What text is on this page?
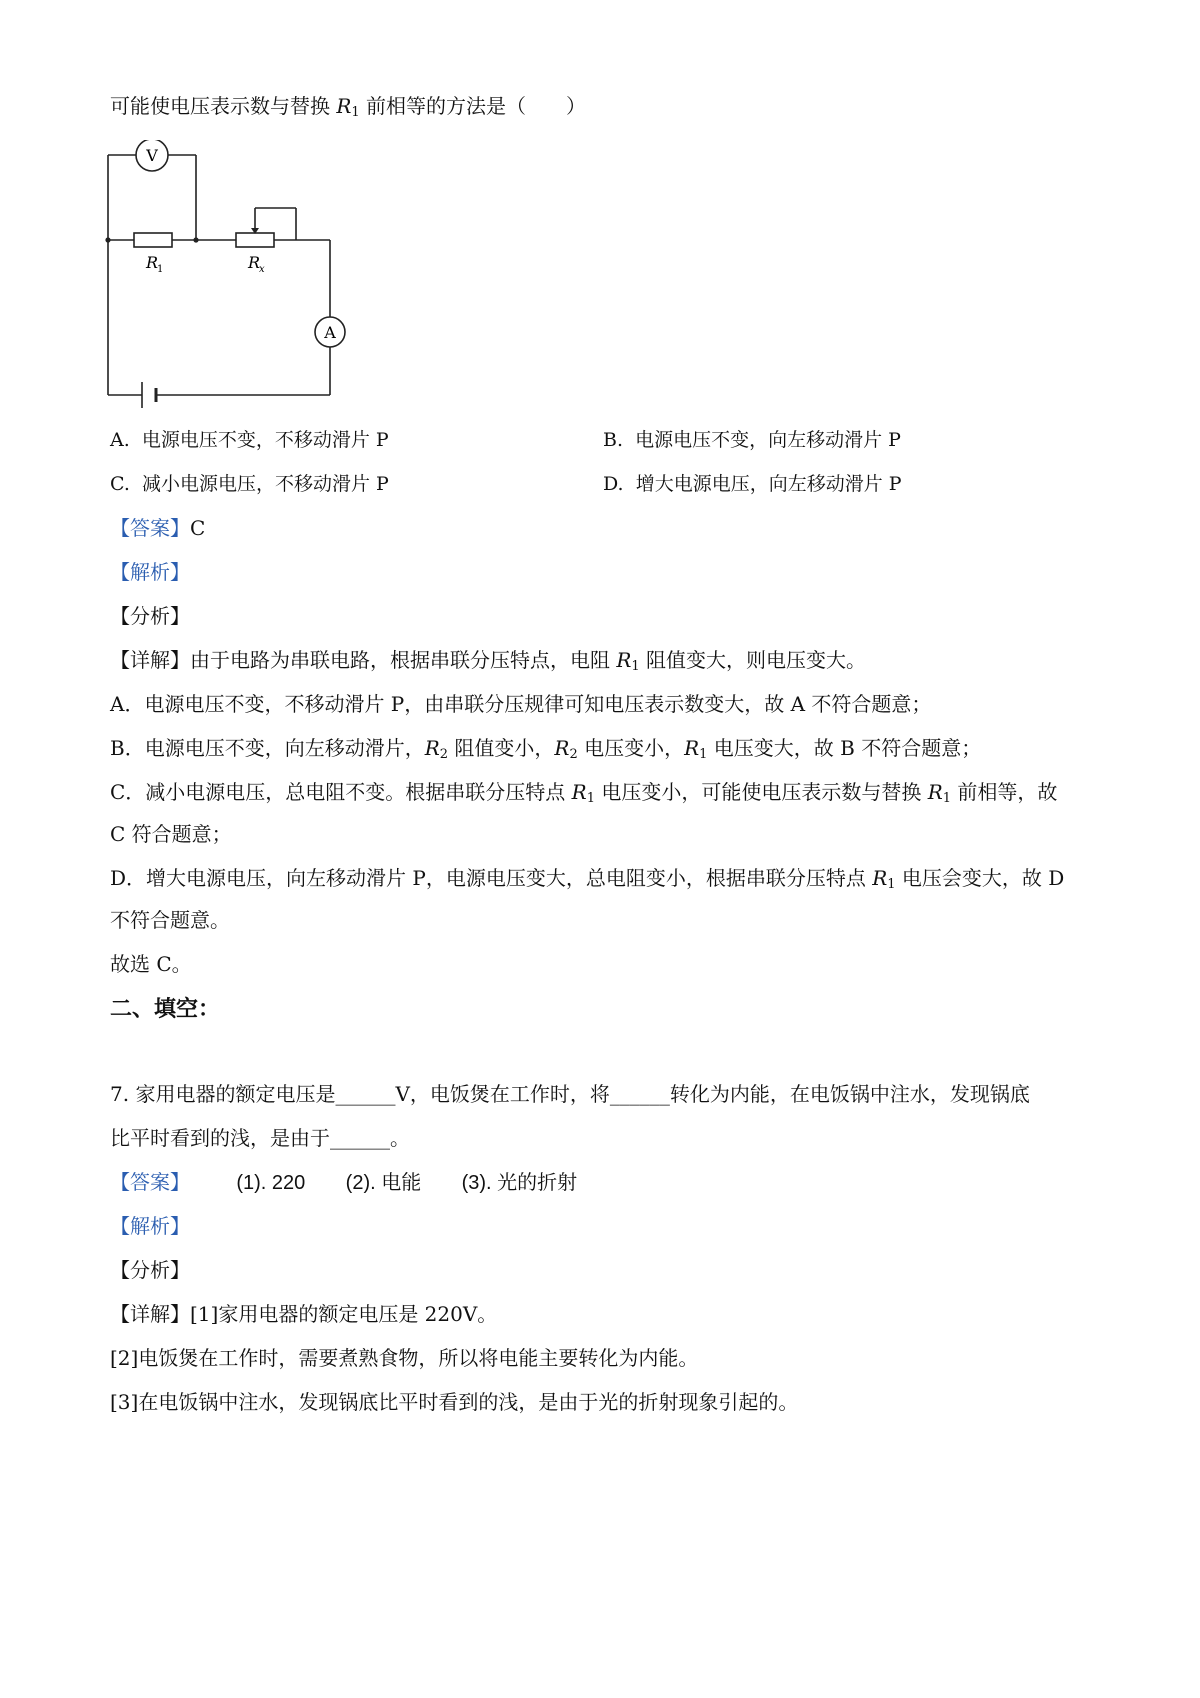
可能使电压表示数与替换 $R_1$ 前相等的方法是（　　）
V
A
R
1	R
x
A. 电源电压不变，不移动滑片 P	B. 电源电压不变，向左移动滑片 P
C. 减小电源电压，不移动滑片 P	D. 增大电源电压，向左移动滑片 P
【答案】C
【解析】
【分析】
【详解】由于电路为串联电路，根据串联分压特点，电阻 $R_1$ 阻值变大，则电压变大。
A．电源电压不变，不移动滑片 P，由串联分压规律可知电压表示数变大，故 A 不符合题意；
B．电源电压不变，向左移动滑片，$R_2$ 阻值变小，$R_2$ 电压变小，$R_1$ 电压变大，故 B 不符合题意；
C．减小电源电压，总电阻不变。根据串联分压特点 $R_1$ 电压变小，可能使电压表示数与替换 $R_1$ 前相等，故
C 符合题意；
D．增大电源电压，向左移动滑片 P，电源电压变大，总电阻变小，根据串联分压特点 $R_1$ 电压会变大，故 D
不符合题意。
故选 C。
二、填空：
7. 家用电器的额定电压是______V，电饭煲在工作时，将______转化为内能，在电饭锅中注水，发现锅底
比平时看到的浅，是由于______。
【答案】 (1). 220 (2). 电能 (3). 光的折射
【解析】
【分析】
【详解】[1]家用电器的额定电压是 220V。
[2]电饭煲在工作时，需要煮熟食物，所以将电能主要转化为内能。
[3]在电饭锅中注水，发现锅底比平时看到的浅，是由于光的折射现象引起的。
